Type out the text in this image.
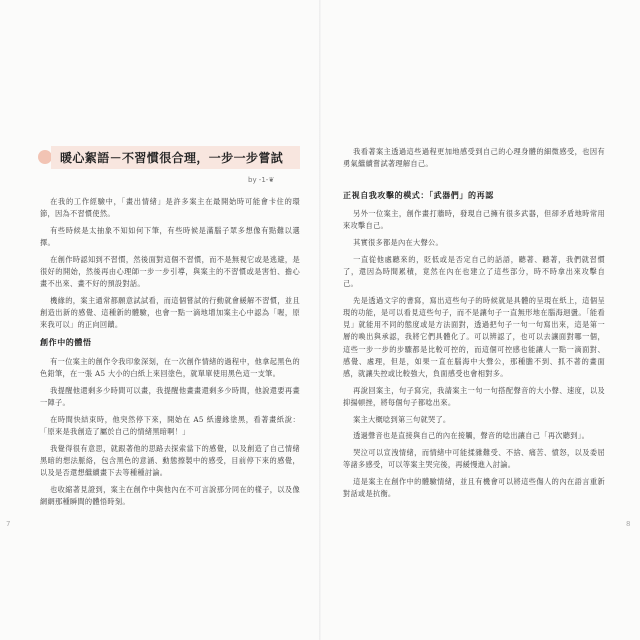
暖心絮語－不習慣很合理，一步一步嘗試
by -1-❦

在我的工作經驗中，「畫出情緒」是許多案主在最開始時可能會卡住的環節，因為不習慣使然。

有些時候是太抽象不知如何下筆，有些時候是滿腦子眾多想像有點難以選擇。

在創作時認知到不習慣，然後面對這個不習慣，而不是無視它或是逃避，是很好的開始，然後再由心理師一步一步引導，與案主的不習慣或是害怕、擔心畫不出來、畫不好的預設對話。

機緣的，案主通常都願意試試看，而這個嘗試的行動就會緩解不習慣，並且創造出新的感覺、這種新的體驗，也會一點一滴地增加案主心中認為「喔，原來我可以」的正向回饋。

創作中的體悟

有一位案主的創作令我印象深刻，在一次創作情緒的過程中，他拿起黑色的色鉛筆，在一張 A5 大小的白紙上來回塗色，就單單使用黑色這一支筆。

我提醒他還剩多少時間可以畫，我提醒他畫畫還剩多少時間，他說還要再畫一陣子。

在時間快結束時，他突然停下來，開始在 A5 紙邊緣塗黑，看著畫紙說：「原來是我創造了屬於自己的情緒黑暗啊！」

我覺得很有意思，就跟著他的思路去探索當下的感覺，以及創造了自己情緒黑暗的想法脈絡，包含黑色的意涵、動態擦製中的感受，目前停下來的感覺，以及是否還想繼續畫下去等種種討論。

也收縮著見證到，案主在創作中與他內在不可言說那分同在的樣子，以及像網網那種瞬間的體悟時刻。

7

我看著案主透過這些過程更加地感受到自己的心理身體的細微感受，也因有勇氣繼續嘗試著理解自己。

正視自我攻擊的模式：「武器們」的再認

另外一位案主，創作畫打牆時，發現自己擁有很多武器，但卻矛盾地時常用來攻擊自己。

其實很多都是內在大聲公。

一直從他處聽來的，貶低或是否定自己的話語，聽著、聽著，我們就習慣了，還因為時間累積，竟然在內在也建立了這些部分，時不時拿出來攻擊自己。

先是透過文字的書寫，寫出這些句子的時候就是具體的呈現在紙上，這個呈現的功能，是可以看見這些句子，而不是讓句子一直無形地在腦海迴盪。「能看見」就能用不同的態度或是方法面對，透過把句子一句一句寫出來，這是第一層的喚出與承認，我將它們具體化了。可以辨認了，也可以去讓面對哪一個，這些一步一步的步驟都是比較可控的，而這個可控感也能讓人一點一滴面對、感覺、處理，但是，如果一直在腦海中大聲公，那種膽不到、抓不著的畫面感，就讓失控或比較強大，負面感受也會相對多。

再說回案主，句子寫完，我請案主一句一句搭配聲音的大小聲、速度，以及抑揚頓挫，將每個句子都唸出來。

案主大概唸到第三句就哭了。

透過聲音也是直接與自己的內在接觸，聲音的唸出讓自己「再次聽到」。

哭泣可以宣洩情緒，而情緒中可能揉雜難受、不捨、痛苦、憤怒，以及委屈等諸多感受，可以等案主哭完後，再緩慢進入討論。

這是案主在創作中的體驗情緒，並且有機會可以將這些傷人的內在語言重新對話或是抗衡。

8
